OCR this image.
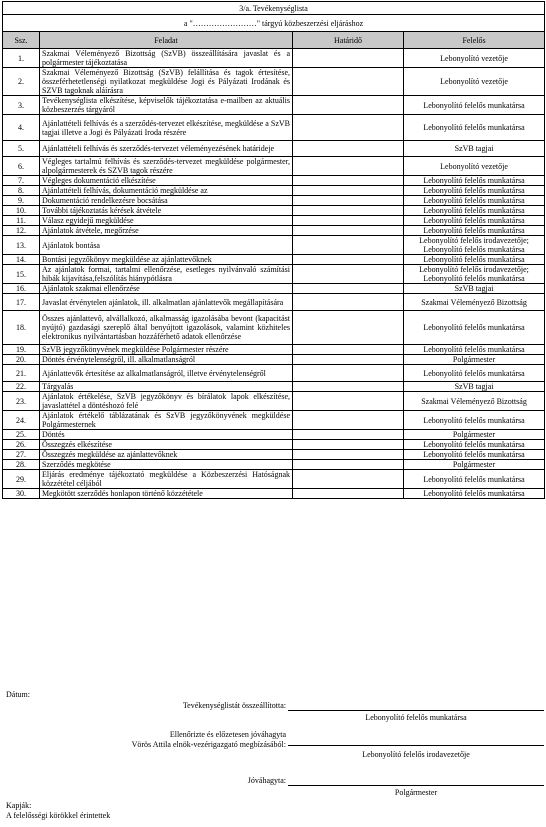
3/a. Tevékenységlista			
a "……………………" tárgyú közbeszerzési eljáráshoz			
Ssz.	Feladat	Határidő	Felelős
1.	Szakmai Véleményező Bizottság (SzVB) összeállítására javaslat és a polgármester tájékoztatása		Lebonyolító vezetője
2.	Szakmai Véleményező Bizottság (SzVB) felállítása és tagok értesítése, összeférhetetlenségi nyilatkozat megküldése Jogi és Pályázati Irodának és SZVB tagoknak aláírásra		Lebonyolító vezetője
3.	Tevékenységlista elkészítése, képviselők tájékoztatása e-mailben az aktuális közbeszerzés tárgyáról		Lebonyolító felelős munkatársa
4.	Ajánlattételi felhívás és a szerződés-tervezet elkészítése, megküldése a SzVB tagjai illetve a Jogi és Pályázati Iroda részére		Lebonyolító felelős munkatársa
5.	Ajánlattételi felhívás és szerződés-tervezet véleményezésének határideje		SzVB tagjai
6.	Végleges tartalmú felhívás és szerződés-tervezet megküldése polgármester, alpolgármesterek és SZVB tagok részére		Lebonyolító vezetője
7.	Végleges dokumentáció elkészítése		Lebonyolító felelős munkatársa
8.	Ajánlattételi felhívás, dokumentáció megküldése az		Lebonyolító felelős munkatársa
9.	Dokumentáció rendelkezésre bocsátása		Lebonyolító felelős munkatársa
10.	További tájékoztatás kérések átvétele		Lebonyolító felelős munkatársa
11.	Válasz egyidejű megküldése		Lebonyolító felelős munkatársa
12.	Ajánlatok átvétele, megőrzése		Lebonyolító felelős munkatársa
13.	Ajánlatok bontása		Lebonyolító felelős irodavezetője; Lebonyolító felelős munkatársa
14.	Bontási jegyzőkönyv megküldése az ajánlattevőknek		Lebonyolító felelős munkatársa
15.	Az ajánlatok formai, tartalmi ellenőrzése, esetleges nyilvánvaló számítási hibák kijavítása,felszólítás hiánypótlásra		Lebonyolító felelős irodavezetője; Lebonyolító felelős munkatársa
16.	Ajánlatok szakmai ellenőrzése		SzVB tagjai
17.	Javaslat érvénytelen ajánlatok, ill. alkalmatlan ajánlattevők megállapítására		Szakmai Véleményező Bizottság
18.	Összes ajánlattevő, alvállalkozó, alkalmasság igazolásába bevont (kapacitást nyújtó) gazdasági szereplő által benyújtott igazolások, valamint közhiteles elektronikus nyilvántartásban hozzáférhető adatok ellenőrzése		Lebonyolító felelős munkatársa
19.	SzVB jegyzőkönyvének megküldése Polgármester részére		Lebonyolító felelős munkatársa
20.	Döntés érvénytelenségről, ill. alkalmatlanságról		Polgármester
21.	Ajánlattevők értesítése az alkalmatlanságról, illetve érvénytelenségről		Lebonyolító felelős munkatársa
22.	Tárgyalás		SzVB tagjai
23.	Ajánlatok értékelése, SzVB jegyzőkönyv és bírálatok lapok elkészítése, javaslattétel a döntéshozó felé		Szakmai Véleményező Bizottság
24.	Ajánlatok értékelő táblázatának és SzVB jegyzőkönyvének megküldése Polgármesternek		Lebonyolító felelős munkatársa
25.	Döntés		Polgármester
26.	Összegzés elkészítése		Lebonyolító felelős munkatársa
27.	Összegzés megküldése az ajánlattevőknek		Lebonyolító felelős munkatársa
28.	Szerződés megkötése		Polgármester
29.	Eljárás eredménye tájékoztató megküldése a Közbeszerzési Hatóságnak közzététel céljából		Lebonyolító felelős munkatársa
30.	Megkötött szerződés honlapon történő közzététele		Lebonyolító felelős munkatársa
Dátum:
Tevékenységlistát összeállította:
Lebonyolító felelős munkatársa
Ellenőrizte és előzetesen jóváhagyta
Vörös Attila elnök-vezérigazgató megbízásából:
Lebonyolító felelős irodavezetője
Jóváhagyta:
Polgármester
Kapják:
A felelősségi körökkel érintettek
